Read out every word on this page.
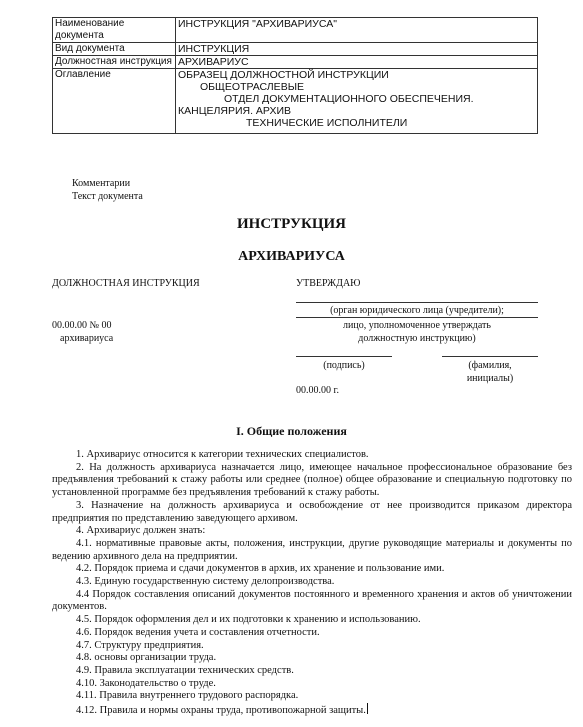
Наименование документа	ИНСТРУКЦИЯ "АРХИВАРИУСА"
Вид документа	ИНСТРУКЦИЯ
Должностная инструкция	АРХИВАРИУС
Оглавление	ОБРАЗЕЦ ДОЛЖНОСТНОЙ ИНСТРУКЦИИ
ОБЩЕОТРАСЛЕВЫЕ
ОТДЕЛ ДОКУМЕНТАЦИОННОГО ОБЕСПЕЧЕНИЯ.
КАНЦЕЛЯРИЯ. АРХИВ
ТЕХНИЧЕСКИЕ ИСПОЛНИТЕЛИ
Комментарии
Текст документа
ИНСТРУКЦИЯ
АРХИВАРИУСА
ДОЛЖНОСТНАЯ ИНСТРУКЦИЯ
00.00.00 № 00
архивариуса
УТВЕРЖДАЮ
(орган юридического лица (учредители);
лицо, уполномоченное утверждать
должностную инструкцию)
(подпись)	(фамилия,
инициалы)
00.00.00 г.
I. Общие положения

1. Архивариус относится к категории технических специалистов.

2. На должность архивариуса назначается лицо, имеющее начальное профессиональное образование без предъявления требований к стажу работы или среднее (полное) общее образование и специальную подготовку по установленной программе без предъявления требований к стажу работы.

3. Назначение на должность архивариуса и освобождение от нее производится приказом директора предприятия по представлению заведующего архивом.

4. Архивариус должен знать:

4.1. нормативные правовые акты, положения, инструкции, другие руководящие материалы и документы по ведению архивного дела на предприятии.

4.2. Порядок приема и сдачи документов в архив, их хранение и пользование ими.

4.3. Единую государственную систему делопроизводства.

4.4 Порядок составления описаний документов постоянного и временного хранения и актов об уничтожении документов.

4.5. Порядок оформления дел и их подготовки к хранению и использованию.

4.6. Порядок ведения учета и составления отчетности.

4.7. Структуру предприятия.

4.8. основы организации труда.

4.9. Правила эксплуатации технических средств.

4.10. Законодательство о труде.

4.11. Правила внутреннего трудового распорядка.

4.12. Правила и нормы охраны труда, противопожарной защиты.
